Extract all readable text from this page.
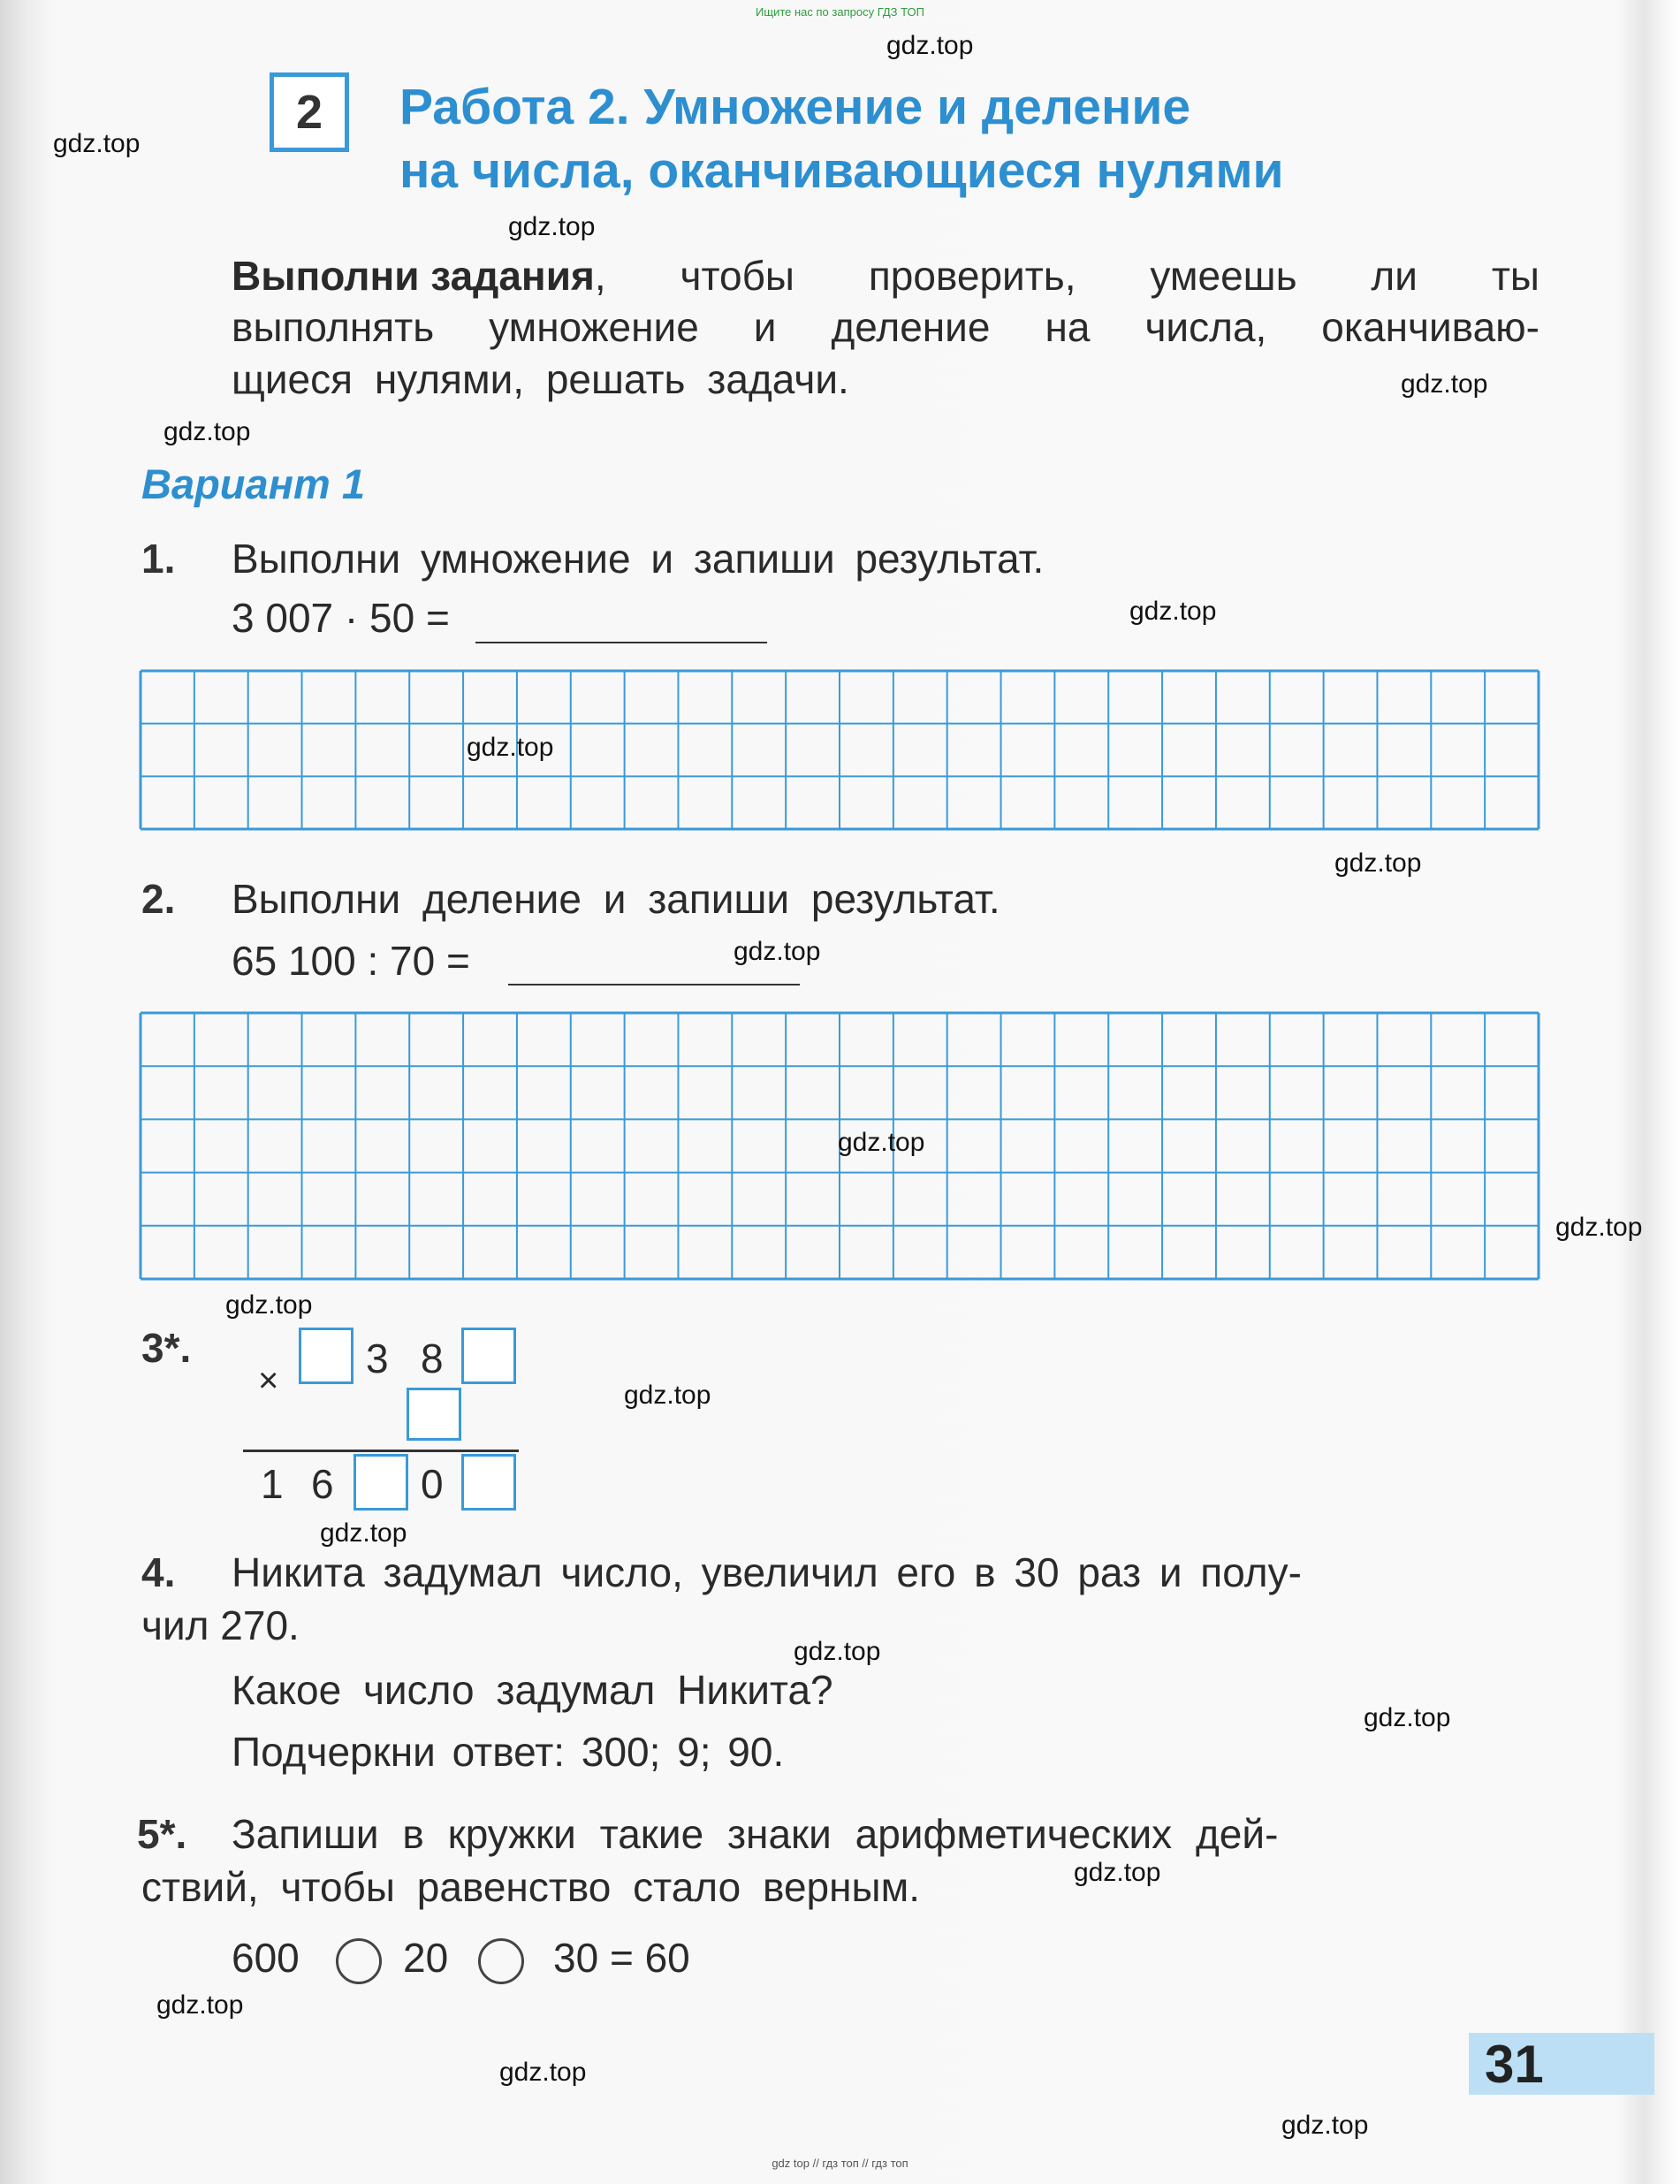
Ищите нас по запросу ГДЗ ТОП
2	Работа 2. Умножение и деление
на числа, оканчивающиеся нулями
Выполни задания, чтобы проверить, умеешь ли ты
выполнять умножение и деление на числа, оканчиваю-
щиеся нулями, решать задачи.
Вариант 1
1. Выполни умножение и запиши результат.
3 007 · 50 =
2. Выполни деление и запиши результат.
65 100 : 70 =
3*.
× 3 8
1 6 0
4. Никита задумал число, увеличил его в 30 раз и полу-
чил 270.
Какое число задумал Никита?
Подчеркни ответ: 300; 9; 90.
5*. Запиши в кружки такие знаки арифметических дей-
ствий, чтобы равенство стало верным.
600	20	30 = 60
31
gdz.top
gdz.top
gdz.top
gdz.top
gdz.top
gdz.top
gdz.top
gdz.top
gdz.top
gdz.top
gdz.top
gdz.top
gdz.top
gdz.top
gdz.top
gdz.top
gdz.top
gdz.top
gdz.top
gdz.top
gdz top // гдз топ // гдз топ
